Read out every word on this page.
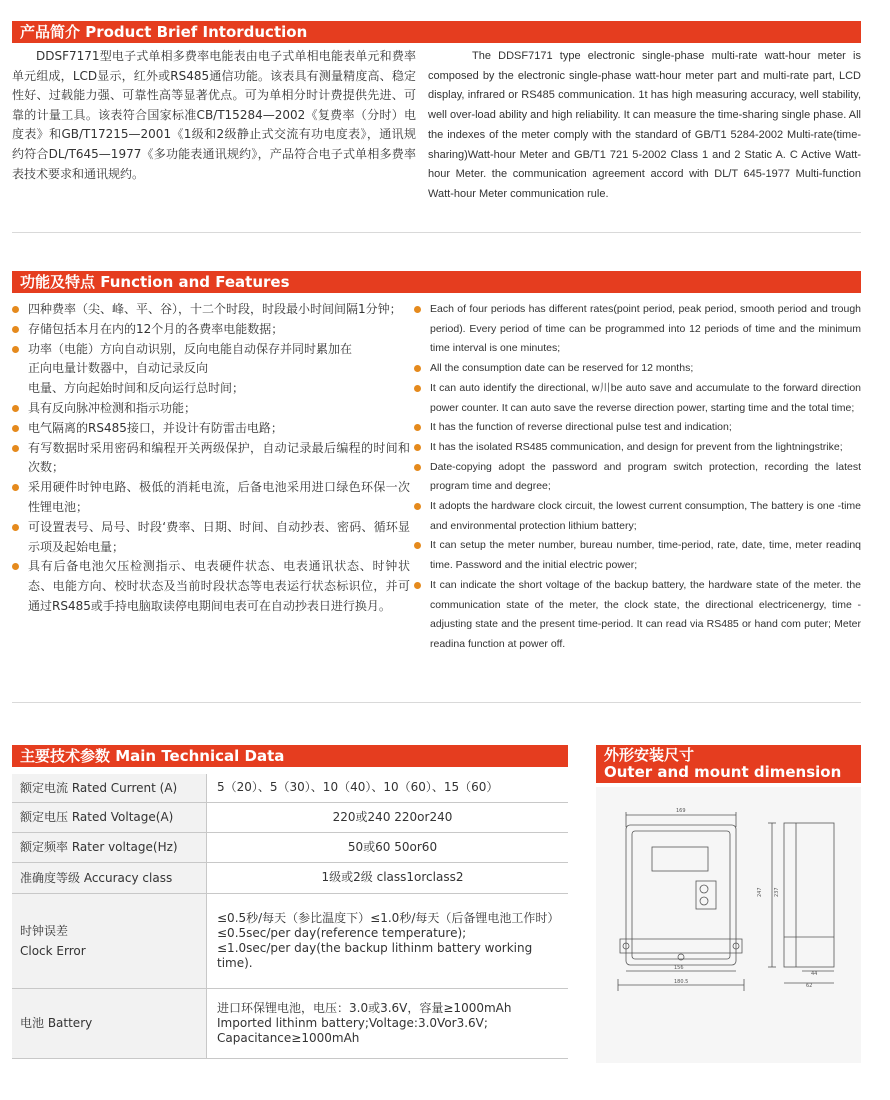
产品简介 Product Brief Intorduction
DDSF7171型电子式单相多费率电能表由电子式单相电能表单元和费率单元组成，LCD显示，红外或RS485通信功能。该表具有测量精度高、稳定性好、过载能力强、可靠性高等显著优点。可为单相分时计费提供先进、可靠的计量工具。该表符合国家标准CB/T15284—2002《复费率（分时）电度表》和GB/T17215—2001《1级和2级静止式交流有功电度表》，通讯规约符合DL/T645—1977《多功能表通讯规约》，产品符合电子式单相多费率表技术要求和通讯规约。
The DDSF7171 type electronic single-phase multi-rate watt-hour meter is composed by the electronic single-phase watt-hour meter part and multi-rate part, LCD display, infrared or RS485 communication. 1t has high measuring accuracy, well stability, well over-load ability and high reliability. It can measure the time-sharing single phase. All the indexes of the meter comply with the standard of GB/T1 5284-2002 Multi-rate(time-sharing)Watt-hour Meter and GB/T1 721 5-2002 Class 1 and 2 Static A. C Active Watt-hour Meter. the communication agreement accord with DL/T 645-1977 Multi-function Watt-hour Meter communication rule.
功能及特点 Function and Features
四种费率（尖、峰、平、谷），十二个时段，时段最小时间间隔1分钟；
存储包括本月在内的12个月的各费率电能数据；
功率（电能）方向自动识别，反向电能自动保存并同时累加在
正向电量计数器中，自动记录反向
电量、方向起始时间和反向运行总时间；
具有反向脉冲检测和指示功能；
电气隔离的RS485接口，并设计有防雷击电路；
有写数据时采用密码和编程开关两级保护，自动记录最后编程的时间和次数；
采用硬件时钟电路、极低的消耗电流，后备电池采用进口绿色环保一次性锂电池；
可设置表号、局号、时段‘费率、日期、时间、自动抄表、密码、循环显示项及起始电量；
具有后备电池欠压检测指示、电表硬件状态、电表通讯状态、时钟状态、电能方向、校时状态及当前时段状态等电表运行状态标识位，并可通过RS485或手持电脑取读停电期间电表可在自动抄表日进行换月。
Each of four periods has different rates(point period, peak period, smooth period and trough period). Every period of time can be programmed into 12 periods of time and the minimum time interval is one minutes;
All the consumption date can be reserved for 12 months;
It can auto identify the directional, w川be auto save and accumulate to the forward direction power counter. It can auto save the reverse direction power, starting time and the total time;
It has the function of reverse directional pulse test and indication;
It has the isolated RS485 communication, and design for prevent from the lightningstrike;
Date-copying adopt the password and program switch protection, recording the latest program time and degree;
It adopts the hardware clock circuit, the lowest current consumption, The battery is one -time and environmental protection lithium battery;
It can setup the meter number, bureau number, time-period, rate, date, time, meter readinq time. Password and the initial electric power;
It can indicate the short voltage of the backup battery, the hardware state of the meter. the communication state of the meter, the clock state, the directional electricenergy, time -adjusting state and the present time-period. It can read via RS485 or hand com puter; Meter readina function at power off.
主要技术参数 Main Technical Data
额定电流 Rated Current (A)	5（20）、5（30）、10（40）、10（60）、15（60）
额定电压 Rated Voltage(A)	220或240 220or240
额定频率 Rater voltage(Hz)	50或60 50or60
准确度等级 Accuracy class	1级或2级 class1orclass2
时钟误差
Clock Error	≤0.5秒/每天（参比温度下）≤1.0秒/每天（后备锂电池工作时）
≤0.5sec/per day(reference temperature);
≤1.0sec/per day(the backup lithinm battery working time).
电池 Battery	进口环保锂电池，电压：3.0或3.6V，容量≥1000mAh
Imported lithinm battery;Voltage:3.0Vor3.6V;
Capacitance≥1000mAh
外形安装尺寸
Outer and mount dimension
169
247 237
156
180.5
44
62
